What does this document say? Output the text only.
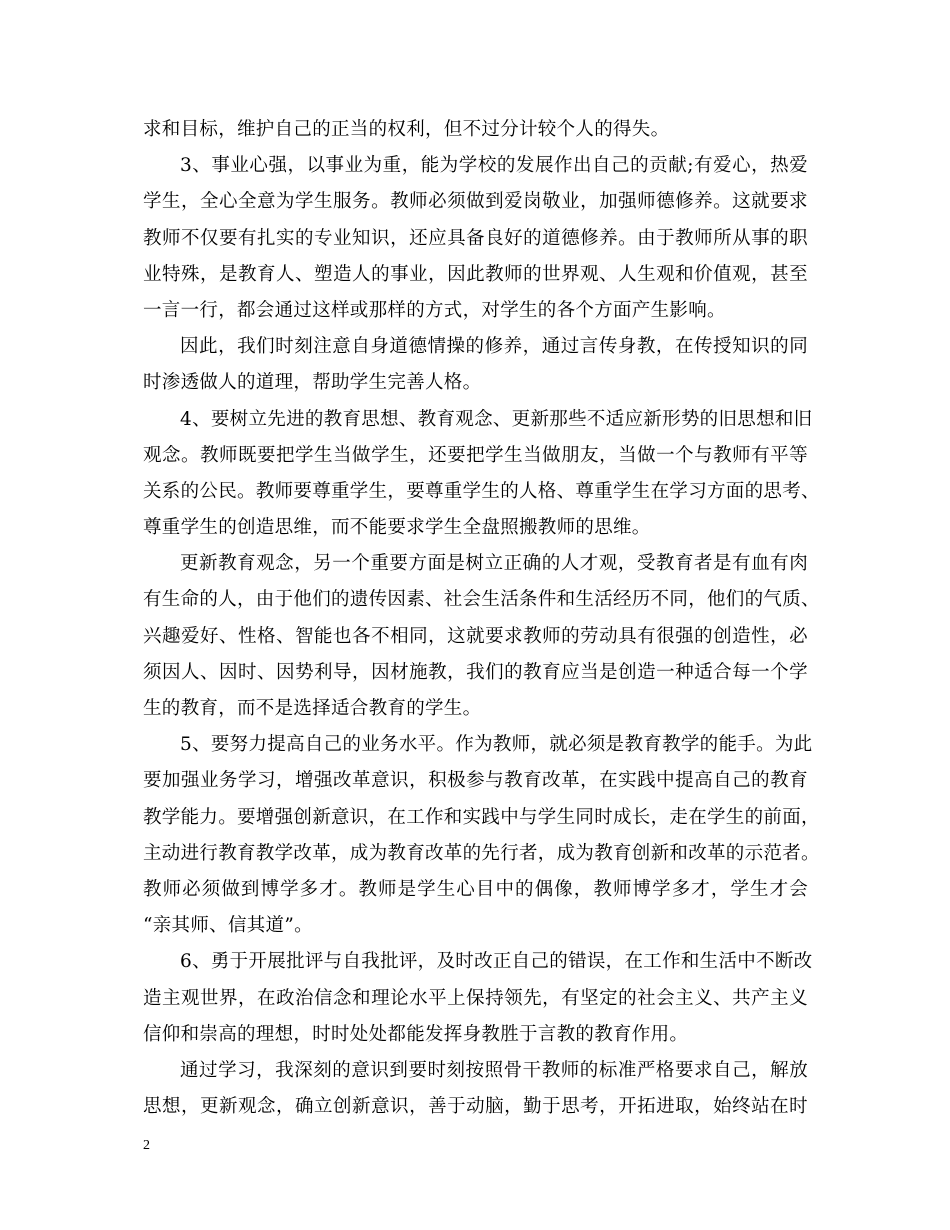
求和目标，维护自己的正当的权利，但不过分计较个人的得失。
3、事业心强，以事业为重，能为学校的发展作出自己的贡献;有爱心，热爱
学生，全心全意为学生服务。教师必须做到爱岗敬业，加强师德修养。这就要求
教师不仅要有扎实的专业知识，还应具备良好的道德修养。由于教师所从事的职
业特殊，是教育人、塑造人的事业，因此教师的世界观、人生观和价值观，甚至
一言一行，都会通过这样或那样的方式，对学生的各个方面产生影响。
因此，我们时刻注意自身道德情操的修养，通过言传身教，在传授知识的同
时渗透做人的道理，帮助学生完善人格。
4、要树立先进的教育思想、教育观念、更新那些不适应新形势的旧思想和旧
观念。教师既要把学生当做学生，还要把学生当做朋友，当做一个与教师有平等
关系的公民。教师要尊重学生，要尊重学生的人格、尊重学生在学习方面的思考、
尊重学生的创造思维，而不能要求学生全盘照搬教师的思维。
更新教育观念，另一个重要方面是树立正确的人才观，受教育者是有血有肉
有生命的人，由于他们的遗传因素、社会生活条件和生活经历不同，他们的气质、
兴趣爱好、性格、智能也各不相同，这就要求教师的劳动具有很强的创造性，必
须因人、因时、因势利导，因材施教，我们的教育应当是创造一种适合每一个学
生的教育，而不是选择适合教育的学生。
5、要努力提高自己的业务水平。作为教师，就必须是教育教学的能手。为此
要加强业务学习，增强改革意识，积极参与教育改革，在实践中提高自己的教育
教学能力。要增强创新意识，在工作和实践中与学生同时成长，走在学生的前面，
主动进行教育教学改革，成为教育改革的先行者，成为教育创新和改革的示范者。
教师必须做到博学多才。教师是学生心目中的偶像，教师博学多才，学生才会
“亲其师、信其道”。
6、勇于开展批评与自我批评，及时改正自己的错误，在工作和生活中不断改
造主观世界，在政治信念和理论水平上保持领先，有坚定的社会主义、共产主义
信仰和崇高的理想，时时处处都能发挥身教胜于言教的教育作用。
通过学习，我深刻的意识到要时刻按照骨干教师的标准严格要求自己，解放
思想，更新观念，确立创新意识，善于动脑，勤于思考，开拓进取，始终站在时
2
